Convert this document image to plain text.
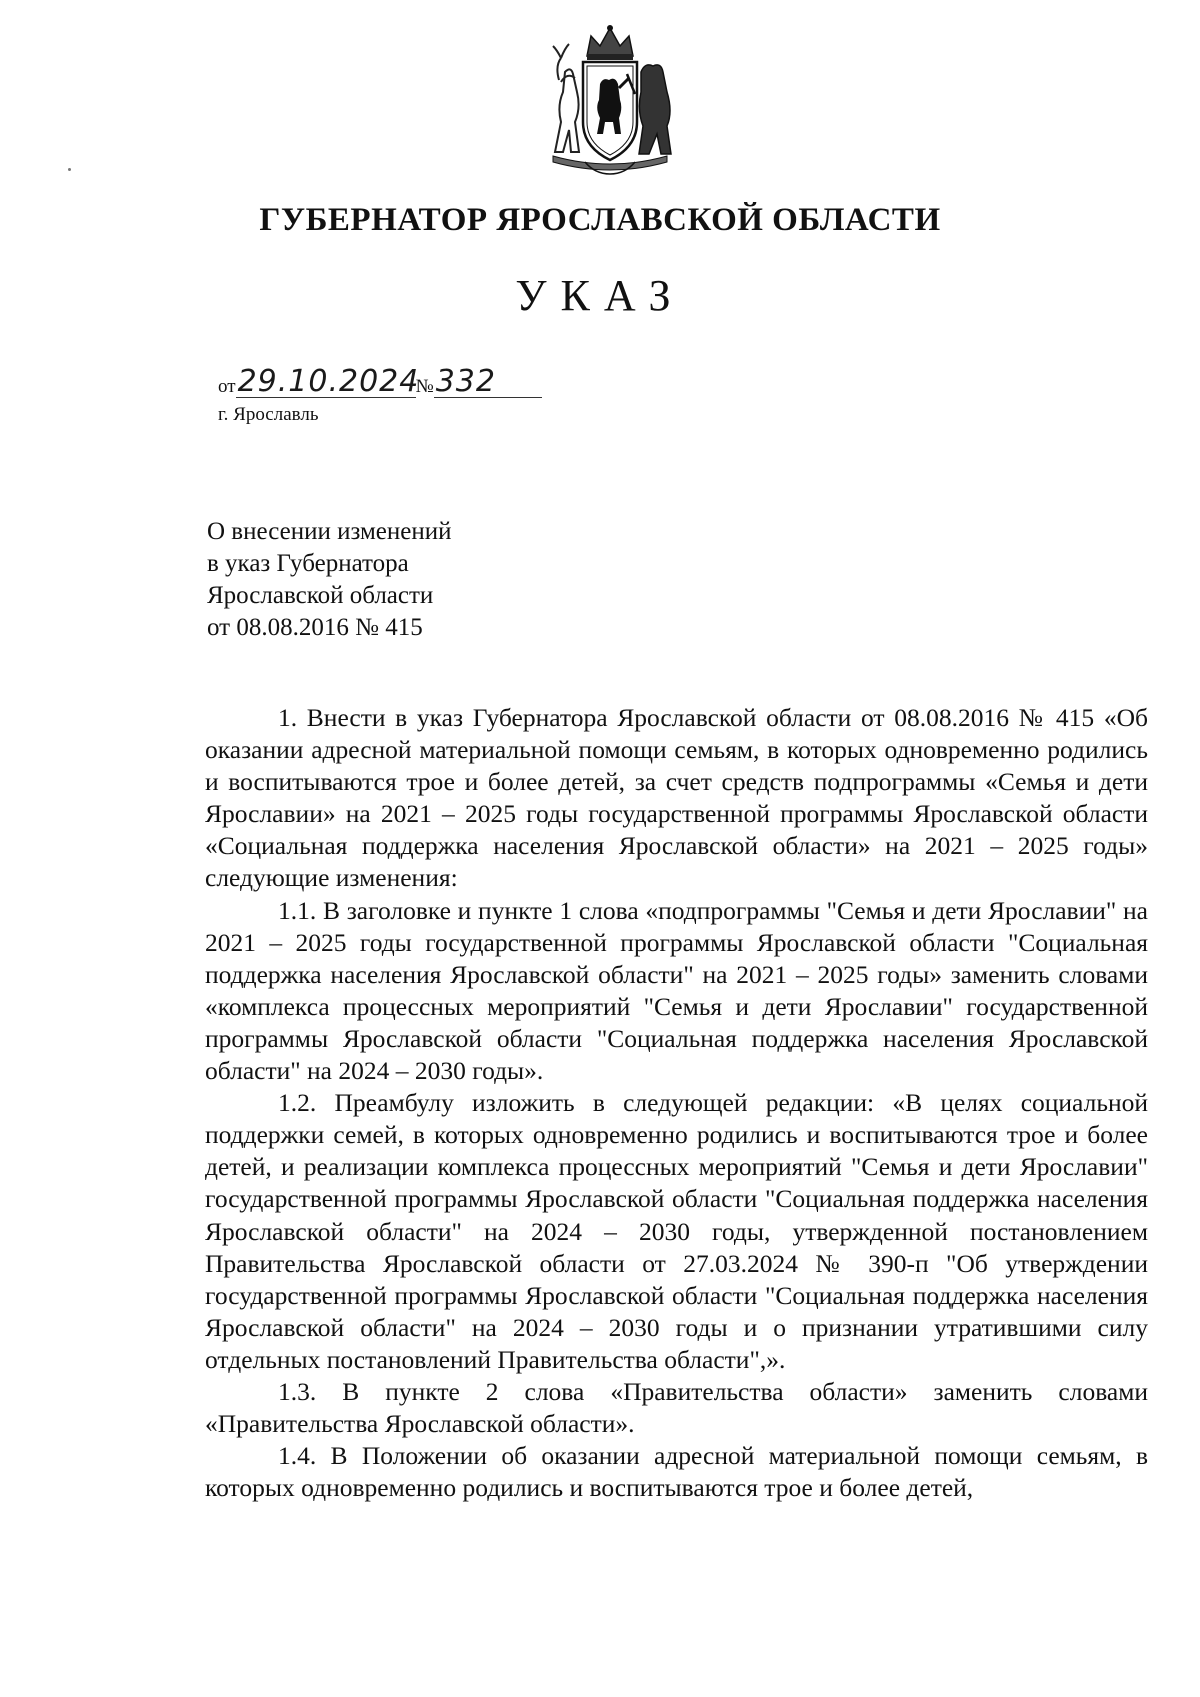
ГУБЕРНАТОР ЯРОСЛАВСКОЙ ОБЛАСТИ
УКАЗ
от29.10.2024№332
г. Ярославль
О внесении изменений
в указ Губернатора
Ярославской области
от 08.08.2016 № 415

1. Внести в указ Губернатора Ярославской области от 08.08.2016 № 415 «Об оказании адресной материальной помощи семьям, в которых одновременно родились и воспитываются трое и более детей, за счет средств подпрограммы «Семья и дети Ярославии» на 2021 – 2025 годы государственной программы Ярославской области «Социальная поддержка населения Ярославской области» на 2021 – 2025 годы» следующие изменения:

1.1. В заголовке и пункте 1 слова «подпрограммы "Семья и дети Ярославии" на 2021 – 2025 годы государственной программы Ярославской области "Социальная поддержка населения Ярославской области" на 2021 – 2025 годы» заменить словами «комплекса процессных мероприятий "Семья и дети Ярославии" государственной программы Ярославской области "Социальная поддержка населения Ярославской области" на 2024 – 2030 годы».

1.2. Преамбулу изложить в следующей редакции: «В целях социальной поддержки семей, в которых одновременно родились и воспитываются трое и более детей, и реализации комплекса процессных мероприятий "Семья и дети Ярославии" государственной программы Ярославской области "Социальная поддержка населения Ярославской области" на 2024 – 2030 годы, утвержденной постановлением Правительства Ярославской области от 27.03.2024 № 390-п "Об утверждении государственной программы Ярославской области "Социальная поддержка населения Ярославской области" на 2024 – 2030 годы и о признании утратившими силу отдельных постановлений Правительства области",».

1.3. В пункте 2 слова «Правительства области» заменить словами «Правительства Ярославской области».

1.4. В Положении об оказании адресной материальной помощи семьям, в которых одновременно родились и воспитываются трое и более детей,
